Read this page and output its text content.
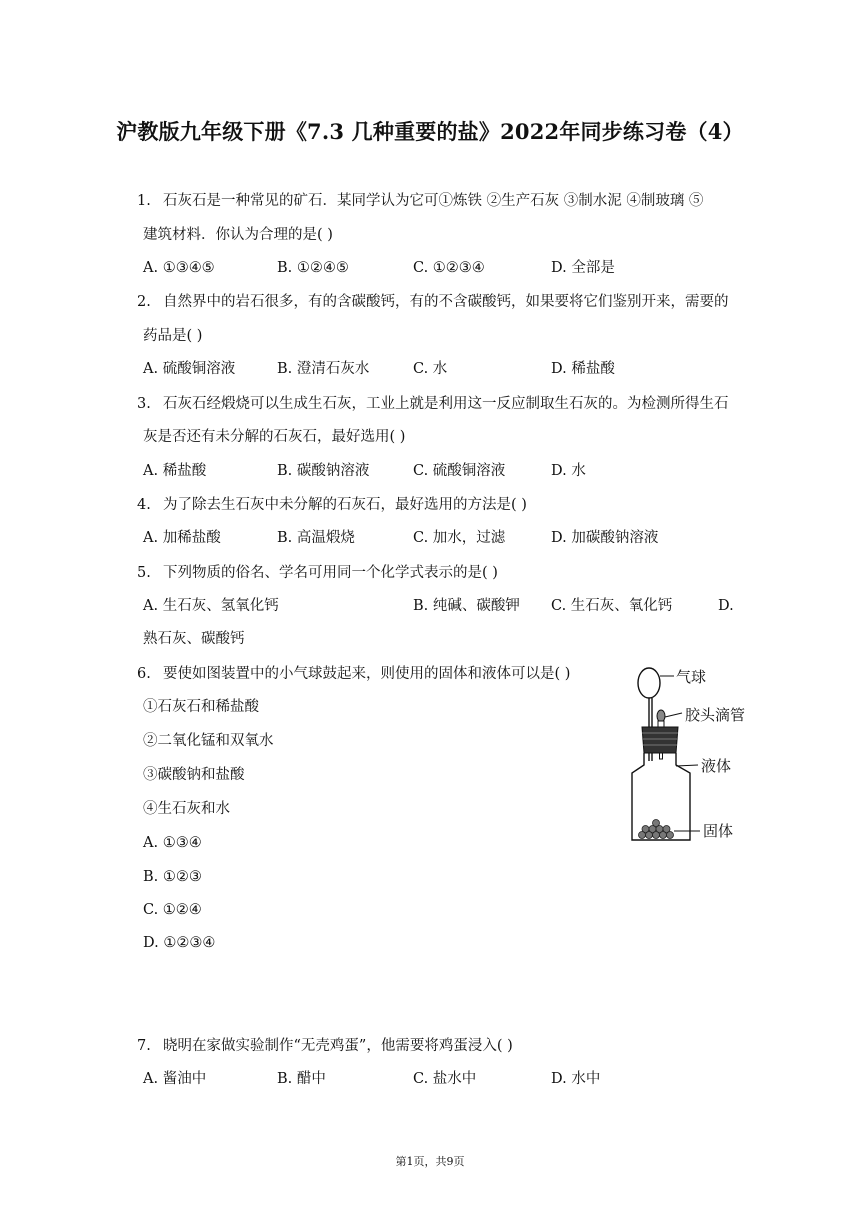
沪教版九年级下册《7.3 几种重要的盐》2022年同步练习卷（4）
1. 石灰石是一种常见的矿石．某同学认为它可①炼铁 ②生产石灰 ③制水泥 ④制玻璃 ⑤
建筑材料．你认为合理的是( )
A. ①③④⑤	B. ①②④⑤	C. ①②③④	D. 全部是
2. 自然界中的岩石很多，有的含碳酸钙，有的不含碳酸钙，如果要将它们鉴别开来，需要的
药品是( )
A. 硫酸铜溶液	B. 澄清石灰水	C. 水	D. 稀盐酸
3. 石灰石经煅烧可以生成生石灰，工业上就是利用这一反应制取生石灰的。为检测所得生石
灰是否还有未分解的石灰石，最好选用( )
A. 稀盐酸	B. 碳酸钠溶液	C. 硫酸铜溶液	D. 水
4. 为了除去生石灰中未分解的石灰石，最好选用的方法是( )
A. 加稀盐酸	B. 高温煅烧	C. 加水，过滤	D. 加碳酸钠溶液
5. 下列物质的俗名、学名可用同一个化学式表示的是( )
A. 生石灰、氢氧化钙	B. 纯碱、碳酸钾 C. 生石灰、氧化钙	D.
熟石灰、碳酸钙
6. 要使如图装置中的小气球鼓起来，则使用的固体和液体可以是( )
①石灰石和稀盐酸
②二氧化锰和双氧水
③碳酸钠和盐酸
④生石灰和水
A. ①③④
B. ①②③
C. ①②④
D. ①②③④
气球
胶头滴管
液体
固体
7. 晓明在家做实验制作“无壳鸡蛋”，他需要将鸡蛋浸入( )
A. 酱油中	B. 醋中	C. 盐水中	D. 水中
第1页，共9页
